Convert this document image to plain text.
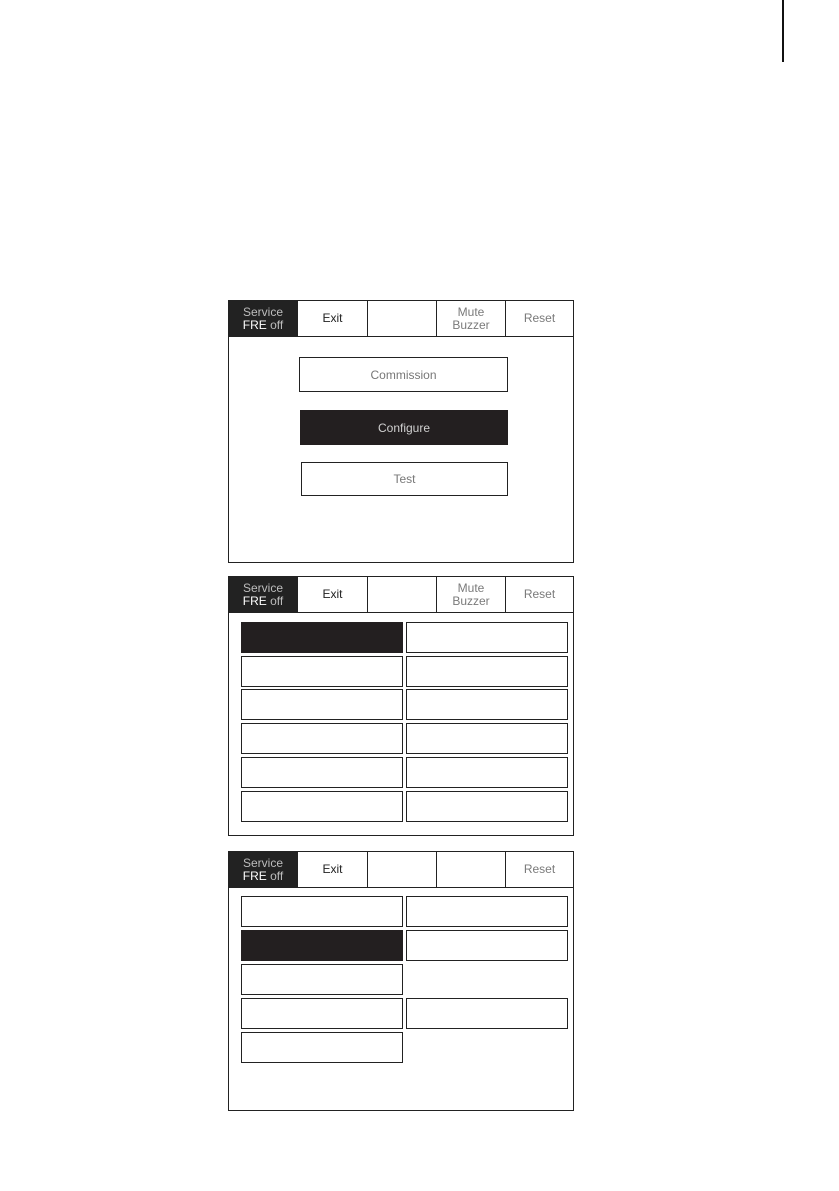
Service
FRE off	Exit	Mute
Buzzer	Reset
Commission
Configure
Test
Service
FRE off	Exit	Mute
Buzzer	Reset
Service
FRE off	Exit	Reset
